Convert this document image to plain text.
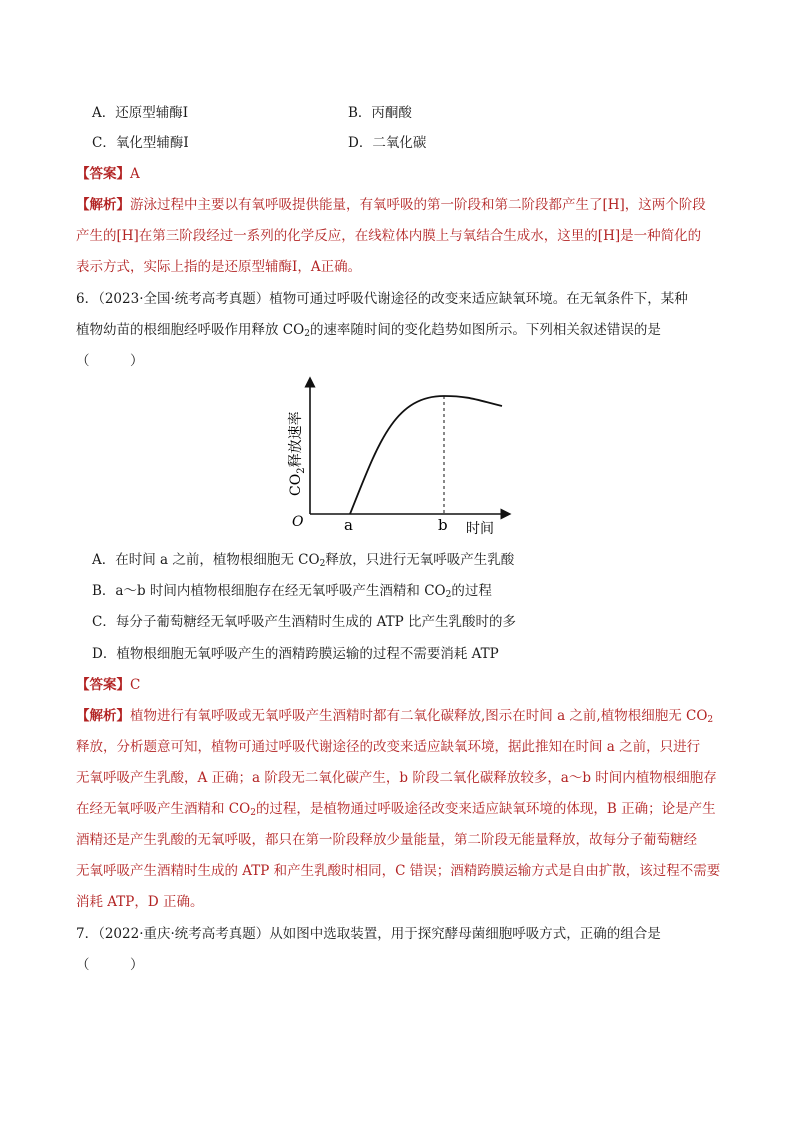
A．还原型辅酶Ⅰ	B．丙酮酸
C．氧化型辅酶Ⅰ	D．二氧化碳
【答案】A
【解析】游泳过程中主要以有氧呼吸提供能量，有氧呼吸的第一阶段和第二阶段都产生了[H]，这两个阶段
产生的[H]在第三阶段经过一系列的化学反应，在线粒体内膜上与氧结合生成水，这里的[H]是一种简化的
表示方式，实际上指的是还原型辅酶Ⅰ，A正确。
6．（2023·全国·统考高考真题）植物可通过呼吸代谢途径的改变来适应缺氧环境。在无氧条件下，某种
植物幼苗的根细胞经呼吸作用释放 $CO_2$的速率随时间的变化趋势如图所示。下列相关叙述错误的是
（　　　）
O	a	b 时间
$CO_2$释放速率
A．在时间 a 之前，植物根细胞无 $CO_2$释放，只进行无氧呼吸产生乳酸
B．a～b 时间内植物根细胞存在经无氧呼吸产生酒精和 $CO_2$的过程
C．每分子葡萄糖经无氧呼吸产生酒精时生成的 ATP 比产生乳酸时的多
D．植物根细胞无氧呼吸产生的酒精跨膜运输的过程不需要消耗 ATP
【答案】C
【解析】植物进行有氧呼吸或无氧呼吸产生酒精时都有二氧化碳释放,图示在时间 a 之前,植物根细胞无 $CO_2$
释放，分析题意可知，植物可通过呼吸代谢途径的改变来适应缺氧环境，据此推知在时间 a 之前，只进行
无氧呼吸产生乳酸，A 正确；a 阶段无二氧化碳产生，b 阶段二氧化碳释放较多，a～b 时间内植物根细胞存
在经无氧呼吸产生酒精和 $CO_2$的过程，是植物通过呼吸途径改变来适应缺氧环境的体现，B 正确；论是产生
酒精还是产生乳酸的无氧呼吸，都只在第一阶段释放少量能量，第二阶段无能量释放，故每分子葡萄糖经
无氧呼吸产生酒精时生成的 ATP 和产生乳酸时相同，C 错误；酒精跨膜运输方式是自由扩散，该过程不需要
消耗 ATP，D 正确。
7．（2022·重庆·统考高考真题）从如图中选取装置，用于探究酵母菌细胞呼吸方式，正确的组合是
（　　　）
